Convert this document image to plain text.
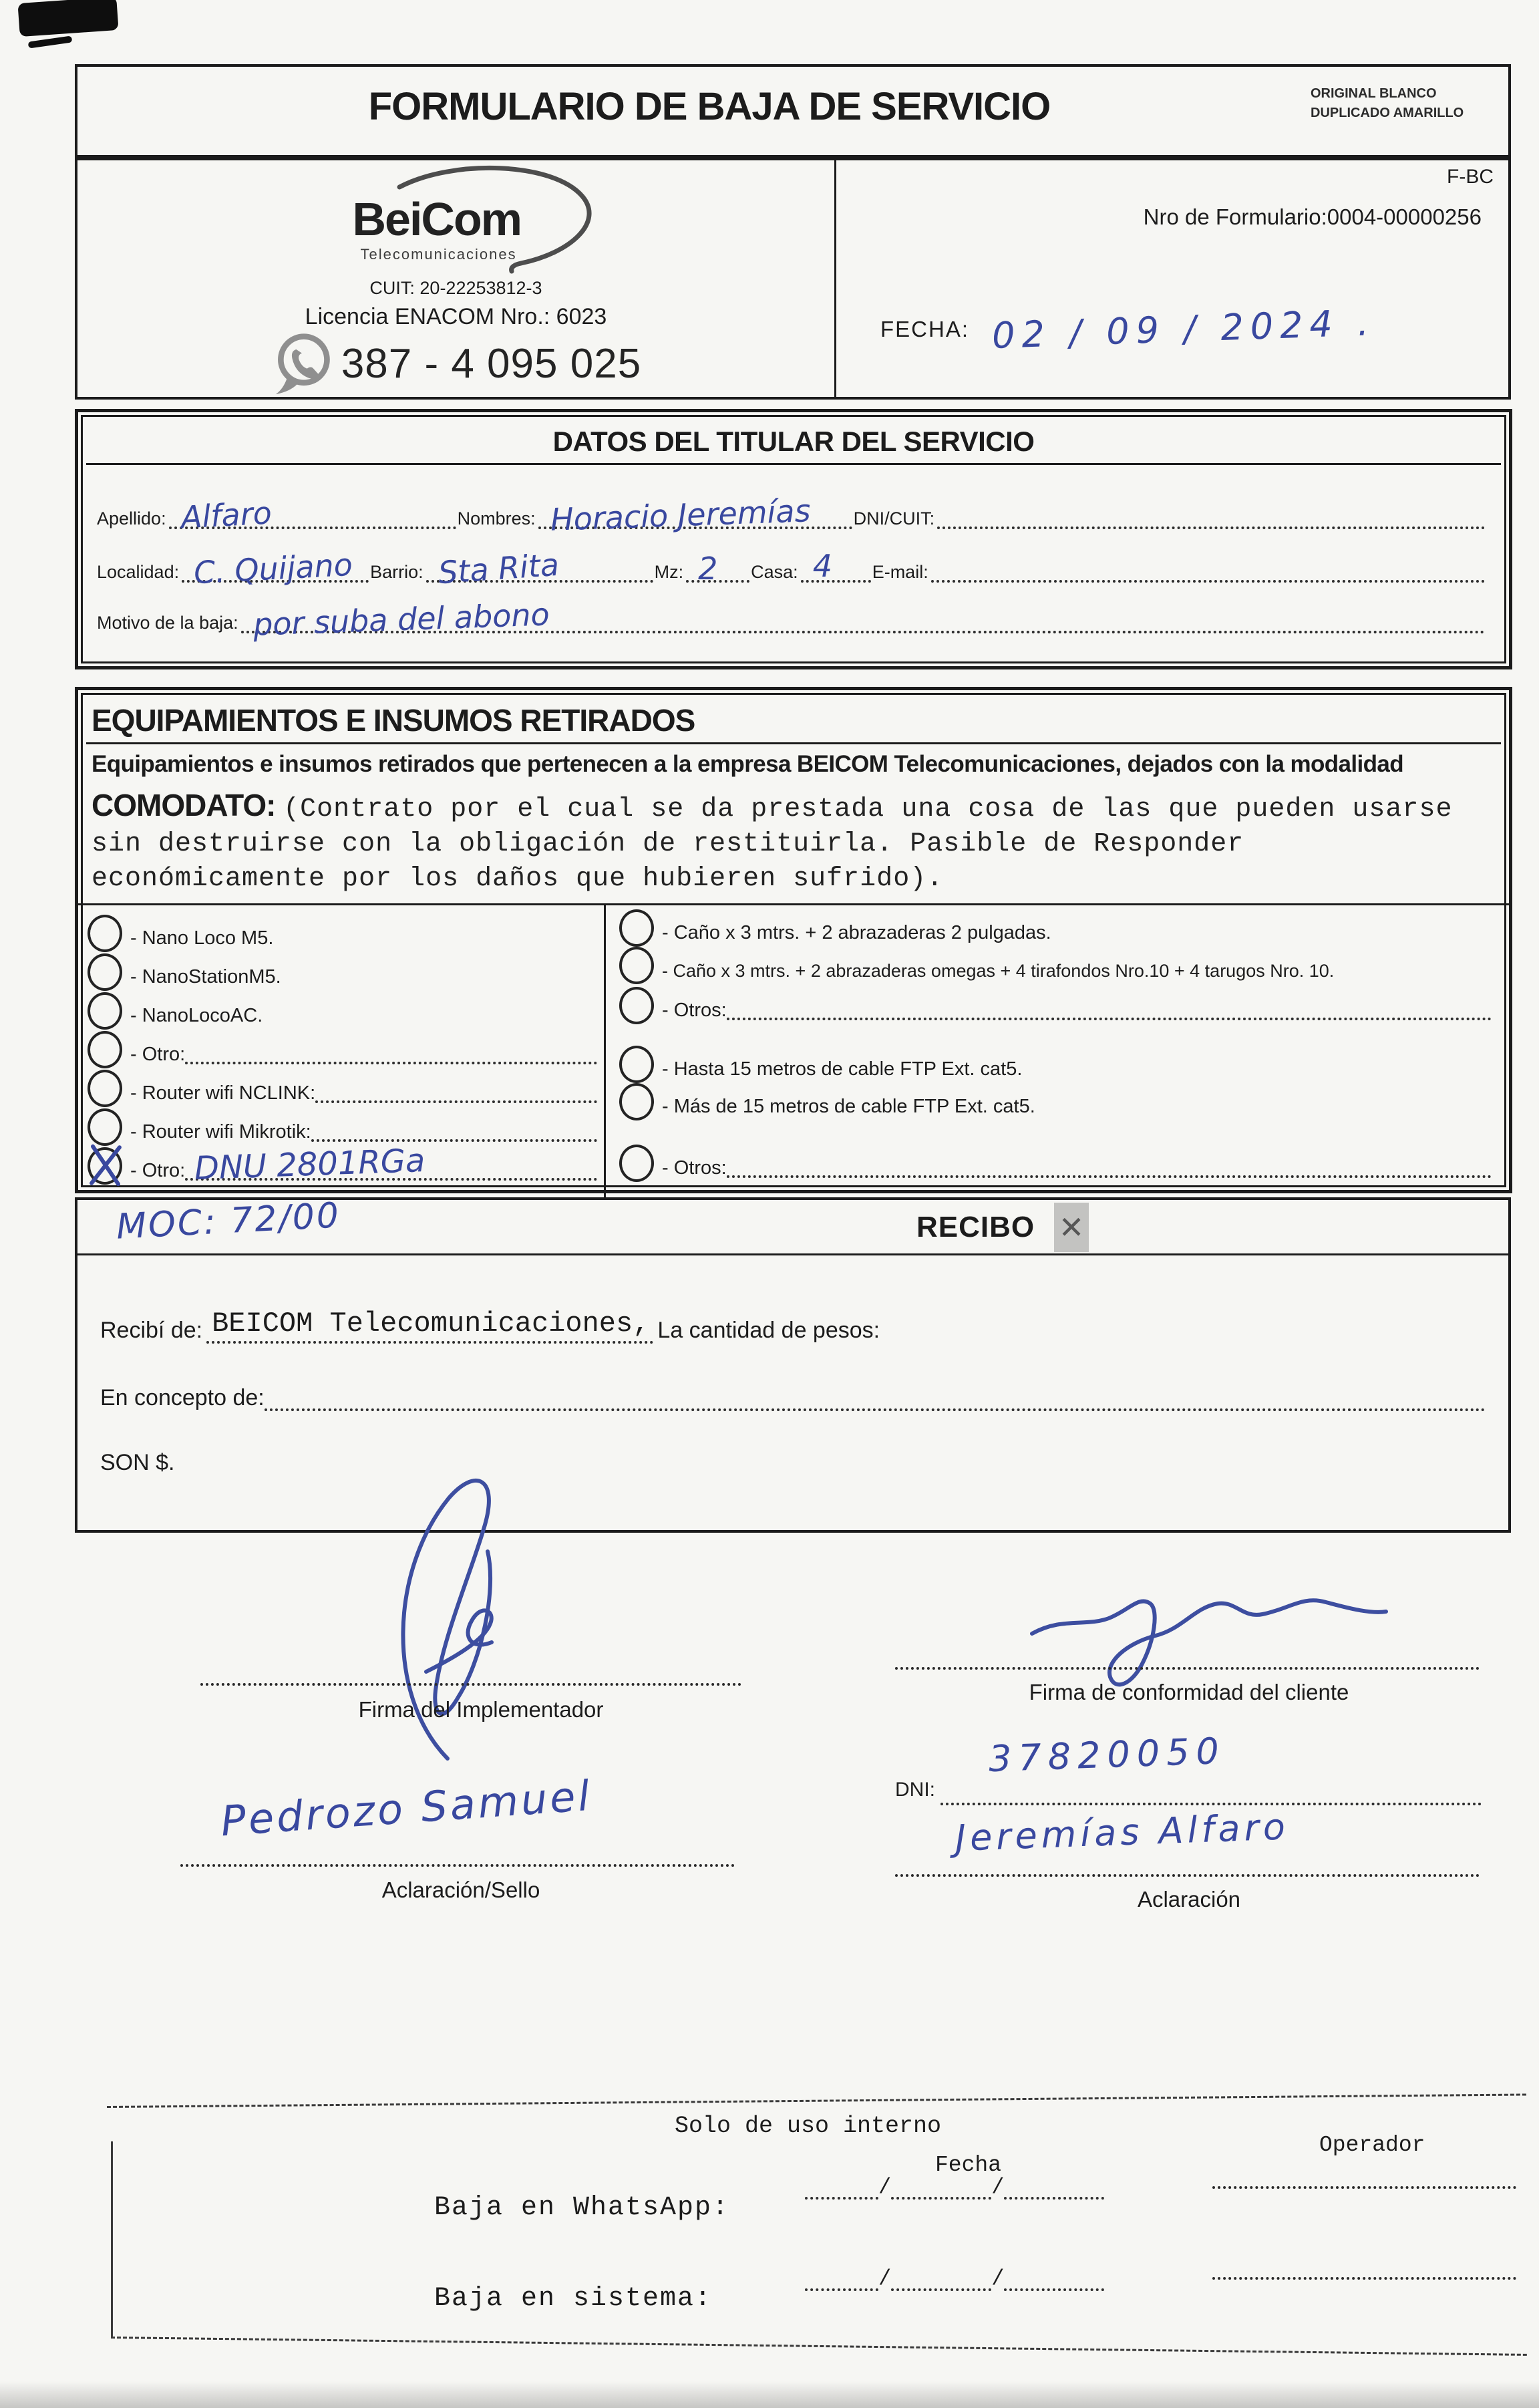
FORMULARIO DE BAJA DE SERVICIO	ORIGINAL BLANCO
DUPLICADO AMARILLO
BeiCom
Telecomunicaciones
CUIT: 20-22253812-3
Licencia ENACOM Nro.: 6023
387 - 4 095 025
F-BC
Nro de Formulario:0004-00000256
FECHA: 02 / 09 / 2024 .
DATOS DEL TITULAR DEL SERVICIO
Apellido: Alfaro	Nombres: Horacio Jeremías DNI/CUIT:
Localidad: C. Quijano Barrio: Sta Rita	Mz: 2 Casa: 4 E-mail:
Motivo de la baja: por suba del abono
EQUIPAMIENTOS E INSUMOS RETIRADOS
Equipamientos e insumos retirados que pertenecen a la empresa BEICOM Telecomunicaciones, dejados con la modalidad
COMODATO: (Contrato por el cual se da prestada una cosa de las que pueden usarse
sin destruirse con la obligación de restituirla. Pasible de Responder
económicamente por los daños que hubieren sufrido).
- Nano Loco M5.
- NanoStationM5.
- NanoLocoAC.
- Otro:
- Router wifi NCLINK:
- Router wifi Mikrotik:
- Otro: DNU 2801RGa
- Caño x 3 mtrs. + 2 abrazaderas 2 pulgadas.
- Caño x 3 mtrs. + 2 abrazaderas omegas + 4 tirafondos Nro.10 + 4 tarugos Nro. 10.
- Otros:
- Hasta 15 metros de cable FTP Ext. cat5.
- Más de 15 metros de cable FTP Ext. cat5.
- Otros:
MOC: 72/00	RECIBO ✕
Recibí de: BEICOM Telecomunicaciones, La cantidad de pesos:
En concepto de:
SON $.
Firma del Implementador
Firma de conformidad del cliente
DNI:
37820050
Pedrozo Samuel
Aclaración/Sello
Jeremías Alfaro
Aclaración
Solo de uso interno
Operador
Fecha
Baja en WhatsApp:
/	/
Baja en sistema:
/	/
